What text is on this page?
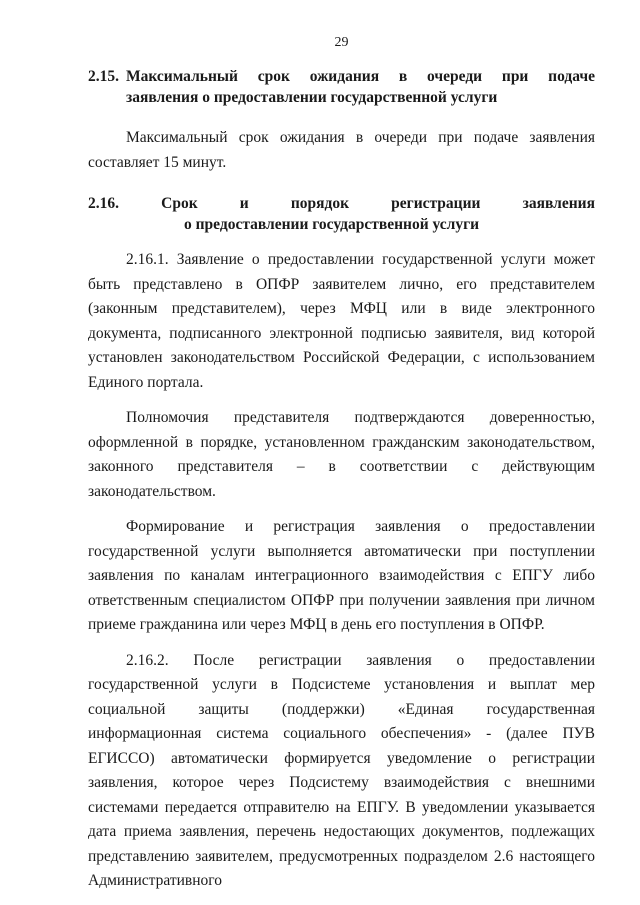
29
2.15. Максимальный срок ожидания в очереди при подаче
заявления о предоставлении государственной услуги

Максимальный срок ожидания в очереди при подаче заявления составляет 15 минут.

2.16.	Срок	и	порядок	регистрации	заявления
о предоставлении государственной услуги

2.16.1. Заявление о предоставлении государственной услуги может быть представлено в ОПФР заявителем лично, его представителем (законным представителем), через МФЦ или в виде электронного документа, подписанного электронной подписью заявителя, вид которой установлен законодательством Российской Федерации, с использованием Единого портала.

Полномочия представителя подтверждаются доверенностью, оформленной в порядке, установленном гражданским законодательством, законного представителя – в соответствии с действующим законодательством.

Формирование и регистрация заявления о предоставлении государственной услуги выполняется автоматически при поступлении заявления по каналам интеграционного взаимодействия с ЕПГУ либо ответственным специалистом ОПФР при получении заявления при личном приеме гражданина или через МФЦ в день его поступления в ОПФР.

2.16.2. После регистрации заявления о предоставлении государственной услуги в Подсистеме установления и выплат мер социальной защиты (поддержки) «Единая государственная информационная система социального обеспечения» - (далее ПУВ ЕГИССО) автоматически формируется уведомление о регистрации заявления, которое через Подсистему взаимодействия с внешними системами передается отправителю на ЕПГУ. В уведомлении указывается дата приема заявления, перечень недостающих документов, подлежащих представлению заявителем, предусмотренных подразделом 2.6 настоящего Административного
